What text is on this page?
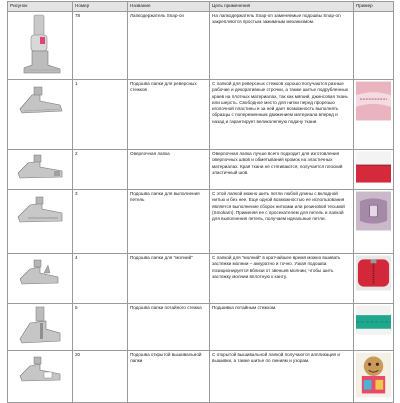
Рисунок	Номер	Название	Цель применения	Пример

	78	Лапкодержатель Snap-on	На лапкодержатель Snap-on заменяемые подошвы Snap-on закрепляются простым зажимным механизмом.	

	1	Подошва лапки для реверсных стежков	С лапкой для реверсных стежков хорошо получаются разные рабочие и декоративные строчки, а также шитье подрубленных краев на плотных материалах, так как мягкий, джинсовая ткань или шерсть. Свободное место для нитки перед прорезью иголочной пластины и за ней дает возможность выполнять образцы с попеременным движением материала вперед и назад и гарантирует великолепную подачу ткани.	

	2	Оверлочная лапка	Оверлочная лапка лучше всего подходит для изготовления оверлочных швов и обметывания кромок на эластичных материалах. Края ткани не стягиваются, получается плоский эластичный шов.	

	3	Подошва лапки для выполнения петель	С этой лапкой можно шить петли любой длины с вкладной нитью и без нее. Еще одной возможностью ее использования является выполнение сборок нитками или резиновой тесьмой (Smokarn). Применяя ее с просекателем для петель и лапкой для выполнения петель, получаем идеальные петли.	

	4	Подошва лапки для "молний"	С лапкой для "молний" в кратчайшее время можно вшивать застежки молнии – аккуратно и точно. Узкая подошва позиционируется вблизи от звеньев молнии, чтобы шить застежку молнии вплотную к канту.	

	5	Подошва лапки потайного стежка	Подшивка потайным стежком.	

	20	Подошва открытой вышивальной лапки	С открытой вышивальной лапкой получаются аппликация и вышивки, а также шитье по линиям и узорам.	
